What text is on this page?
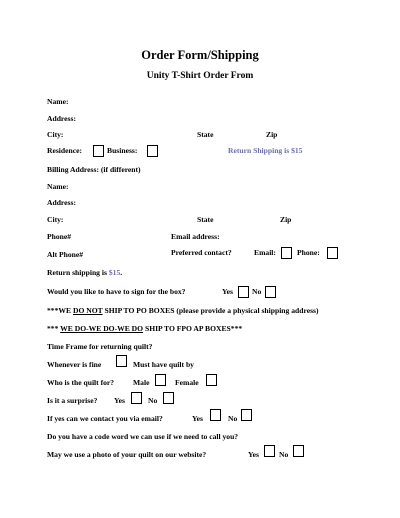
Order Form/Shipping
Unity T-Shirt Order From
Name:
Address:
City:	State	Zip
Residence:	Business:	Return Shipping is $15
Billing Address: (if different)
Name:
Address:
City:	State	Zip
Phone#	Email address:
Alt Phone#	Preferred contact?	Email:	Phone:
Return shipping is $15.
Would you like to have to sign for the box?	Yes	No
***WE DO NOT SHIP TO PO BOXES (please provide a physical shipping address)
*** WE DO-WE DO-WE DO SHIP TO FPO AP BOXES***
Time Frame for returning quilt?
Whenever is fine	Must have quilt by
Who is the quilt for? Male	Female
Is it a surprise? Yes	No
If yes can we contact you via email?	Yes	No
Do you have a code word we can use if we need to call you?
May we use a photo of your quilt on our website?	Yes	No
